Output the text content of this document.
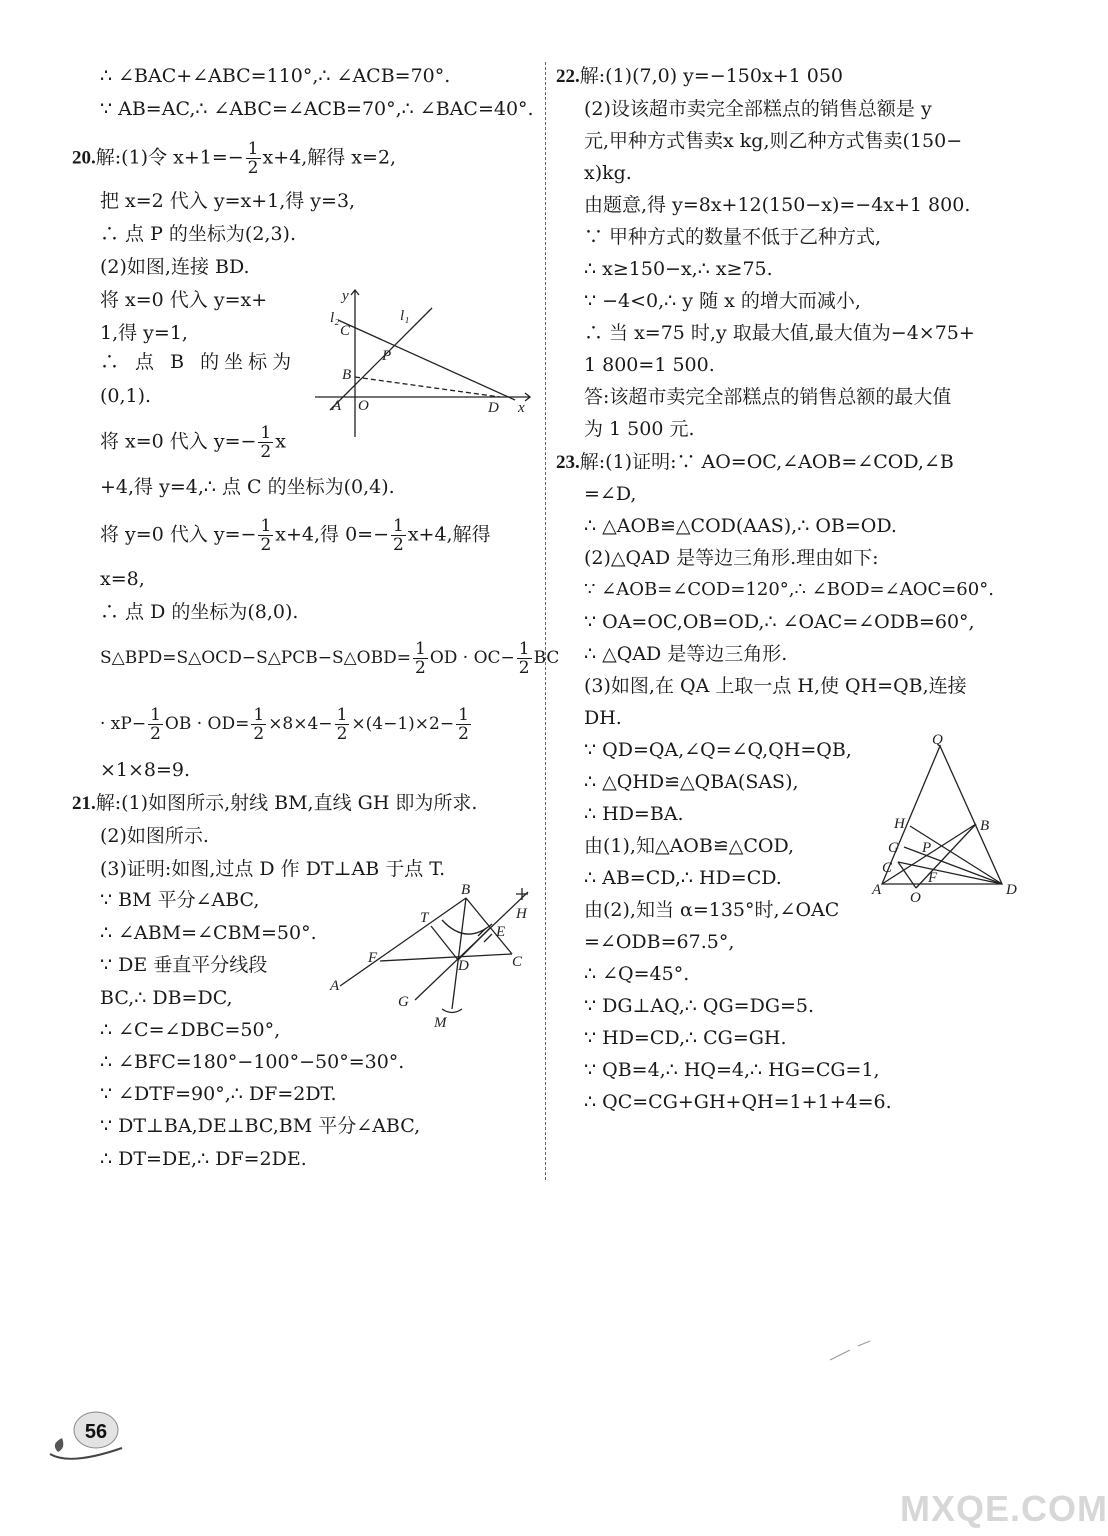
∴ ∠BAC+∠ABC=110°,∴ ∠ACB=70°.
∵ AB=AC,∴ ∠ABC=∠ACB=70°,∴ ∠BAC=40°.
20.解:(1)令 $x+1=- \frac{1}{2} x+4$,解得 x=2,
把 x=2 代入 y=x+1,得 y=3,
∴ 点 P 的坐标为(2,3).
(2)如图,连接 BD.
将 x=0 代入 y=x+
1,得 y=1,
∴ 点 B 的坐标为
(0,1).
将 x=0 代入 $y=- \frac{1}{2}$ x
+4,得 y=4,∴ 点 C 的坐标为(0,4).
将 y=0 代入 $y=- \frac{1}{2} x+4$,得 $0=- \frac{1}{2} x+4$,解得
x=8,
∴ 点 D 的坐标为(8,0).
S△BPD=S△OCD−S△PCB−S△OBD= $\frac{1}{2}$ OD · $OC- \frac{1}{2}$ BC
· $xP- \frac{1}{2}$ OB · $OD= \frac{1}{2} \times 8\times 4- \frac{1}{2} \times(4-1)\times 2- \frac{1}{2}$
×1×8=9.
21.解:(1)如图所示,射线 BM,直线 GH 即为所求.
(2)如图所示.
(3)证明:如图,过点 D 作 DT⊥AB 于点 T.
∵ BM 平分∠ABC,
∴ ∠ABM=∠CBM=50°.
∵ DE 垂直平分线段
BC,∴ DB=DC,
∴ ∠C=∠DBC=50°,
∴ ∠BFC=180°−100°−50°=30°.
∵ ∠DTF=90°,∴ DF=2DT.
∵ DT⊥BA,DE⊥BC,BM 平分∠ABC,
∴ DT=DE,∴ DF=2DE.
22.解:(1)(7,0) y=−150x+1 050
(2)设该超市卖完全部糕点的销售总额是 y
元,甲种方式售卖x kg,则乙种方式售卖(150−
x)kg.
由题意,得 y=8x+12(150−x)=−4x+1 800.
∵ 甲种方式的数量不低于乙种方式,
∴ x≥150−x,∴ x≥75.
∵ −4<0,∴ y 随 x 的增大而减小,
∴ 当 x=75 时,y 取最大值,最大值为−4×75+
1 800=1 500.
答:该超市卖完全部糕点的销售总额的最大值
为 1 500 元.
23.解:(1)证明:∵ AO=OC,∠AOB=∠COD,∠B
=∠D,
∴ △AOB≌△COD(AAS),∴ OB=OD.
(2)△QAD 是等边三角形.理由如下:
∵ ∠AOB=∠COD=120°,∴ ∠BOD=∠AOC=60°.
∵ OA=OC,OB=OD,∴ ∠OAC=∠ODB=60°,
∴ △QAD 是等边三角形.
(3)如图,在 QA 上取一点 H,使 QH=QB,连接
DH.
∵ QD=QA,∠Q=∠Q,QH=QB,
∴ △QHD≌△QBA(SAS),
∴ HD=BA.
由(1),知△AOB≌△COD,
∴ AB=CD,∴ HD=CD.
由(2),知当 α=135°时,∠OAC
=∠ODB=67.5°,
∴ ∠Q=45°.
∵ DG⊥AQ,∴ QG=DG=5.
∵ HD=CD,∴ CG=GH.
∵ QB=4,∴ HQ=4,∴ HG=CG=1,
∴ QC=CG+GH+QH=1+1+4=6.
y
x
l₂	l₁
C
P
B
A O	D
B
T	H
E
F	D	C
A
G
M
Q
H	B
G P
C
F
A O	D
56
MXQE.COM
